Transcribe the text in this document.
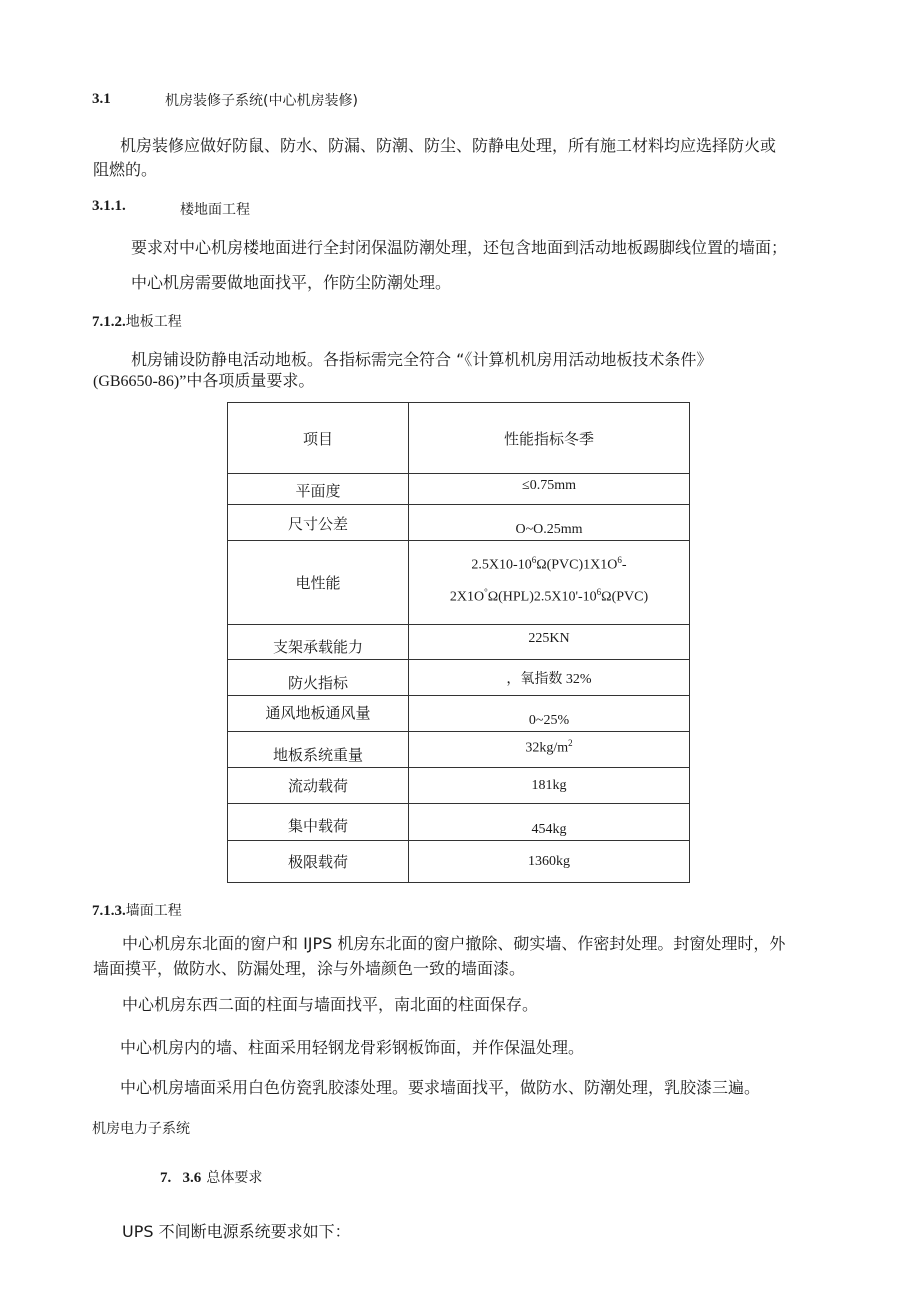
3.1	机房装修子系统(中心机房装修)
机房装修应做好防鼠、防水、防漏、防潮、防尘、防静电处理，所有施工材料均应选择防火或
阻燃的。
3.1.1.	楼地面工程
要求对中心机房楼地面进行全封闭保温防潮处理，还包含地面到活动地板踢脚线位置的墙面；
中心机房需要做地面找平，作防尘防潮处理。
7.1.2.地板工程
机房铺设防静电活动地板。各指标需完全符合 “《计算机机房用活动地板技术条件》
(GB6650-86)”中各项质量要求。
项目	性能指标冬季
平面度	≤0.75mm
尺寸公差	O~O.25mm
电性能	$2.5X10-10^6\Omega(PVC)1X1O^6-$
$2X1O^\circ\Omega(HPL)2.5X10'-10^6\Omega(PVC)$

支架承载能力	225KN
防火指标	，氧指数 32%
通风地板通风量	0~25%
地板系统重量	$32kg/m^2$
流动载荷	181kg
集中载荷	454kg
极限载荷	1360kg
7.1.3.墙面工程
中心机房东北面的窗户和 IJPS 机房东北面的窗户撤除、砌实墙、作密封处理。封窗处理时，外
墙面摸平，做防水、防漏处理，涂与外墙颜色一致的墙面漆。
中心机房东西二面的柱面与墙面找平，南北面的柱面保存。
中心机房内的墙、柱面采用轻钢龙骨彩钢板饰面，并作保温处理。
中心机房墙面采用白色仿瓷乳胶漆处理。要求墙面找平，做防水、防潮处理，乳胶漆三遍。
机房电力子系统
7.   3.6 总体要求
UPS 不间断电源系统要求如下：
